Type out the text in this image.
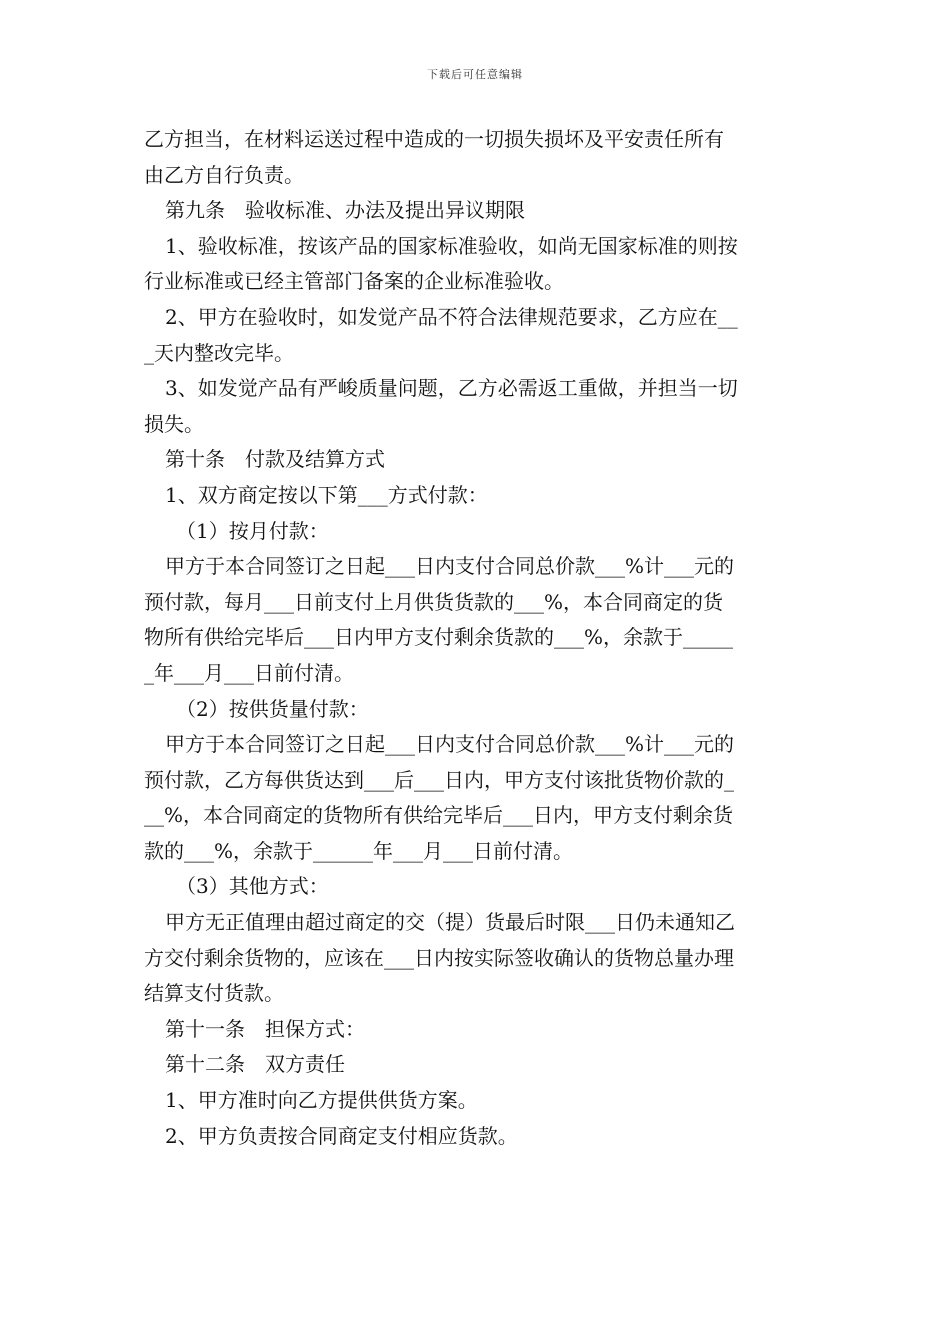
下载后可任意编辑
乙方担当，在材料运送过程中造成的一切损失损坏及平安责任所有
由乙方自行负责。
第九条　验收标准、办法及提出异议期限
1、验收标准，按该产品的国家标准验收，如尚无国家标准的则按
行业标准或已经主管部门备案的企业标准验收。
2、甲方在验收时，如发觉产品不符合法律规范要求，乙方应在__
_天内整改完毕。
3、如发觉产品有严峻质量问题，乙方必需返工重做，并担当一切
损失。
第十条　付款及结算方式
1、双方商定按以下第___方式付款：
（1）按月付款：
甲方于本合同签订之日起___日内支付合同总价款___%计___元的
预付款，每月___日前支付上月供货货款的___%，本合同商定的货
物所有供给完毕后___日内甲方支付剩余货款的___%，余款于_____
_年___月___日前付清。
（2）按供货量付款：
甲方于本合同签订之日起___日内支付合同总价款___%计___元的
预付款，乙方每供货达到___后___日内，甲方支付该批货物价款的_
__%，本合同商定的货物所有供给完毕后___日内，甲方支付剩余货
款的___%，余款于______年___月___日前付清。
（3）其他方式：
甲方无正值理由超过商定的交（提）货最后时限___日仍未通知乙
方交付剩余货物的，应该在___日内按实际签收确认的货物总量办理
结算支付货款。
第十一条　担保方式：
第十二条　双方责任
1、甲方准时向乙方提供供货方案。
2、甲方负责按合同商定支付相应货款。
